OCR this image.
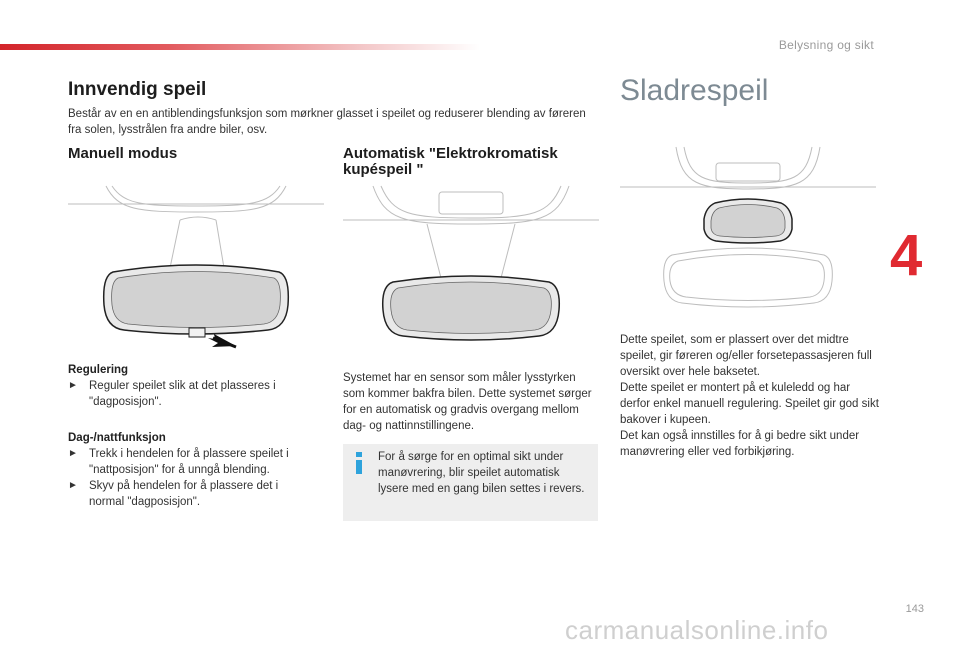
Belysning og sikt
4
Innvendig speil
Består av en en antiblendingsfunksjon som mørkner glasset i speilet og reduserer blending av føreren fra solen, lysstrålen fra andre biler, osv.
Manuell modus	Automatisk "Elektrokromatisk kupéspeil "
Sladrespeil
Regulering
► Reguler speilet slik at det plasseres i "dagposisjon".
Dag-/nattfunksjon
► Trekk i hendelen for å plassere speilet i "nattposisjon" for å unngå blending.
► Skyv på hendelen for å plassere det i normal "dagposisjon".
Systemet har en sensor som måler lysstyrken som kommer bakfra bilen. Dette systemet sørger for en automatisk og gradvis overgang mellom dag- og nattinnstillingene.
For å sørge for en optimal sikt under manøvrering, blir speilet automatisk lysere med en gang bilen settes i revers.
Dette speilet, som er plassert over det midtre speilet, gir føreren og/eller forsetepassasjeren full oversikt over hele baksetet.
Dette speilet er montert på et kuleledd og har derfor enkel manuell regulering. Speilet gir god sikt bakover i kupeen.
Det kan også innstilles for å gi bedre sikt under manøvrering eller ved forbikjøring.
143
carmanualsonline.info
